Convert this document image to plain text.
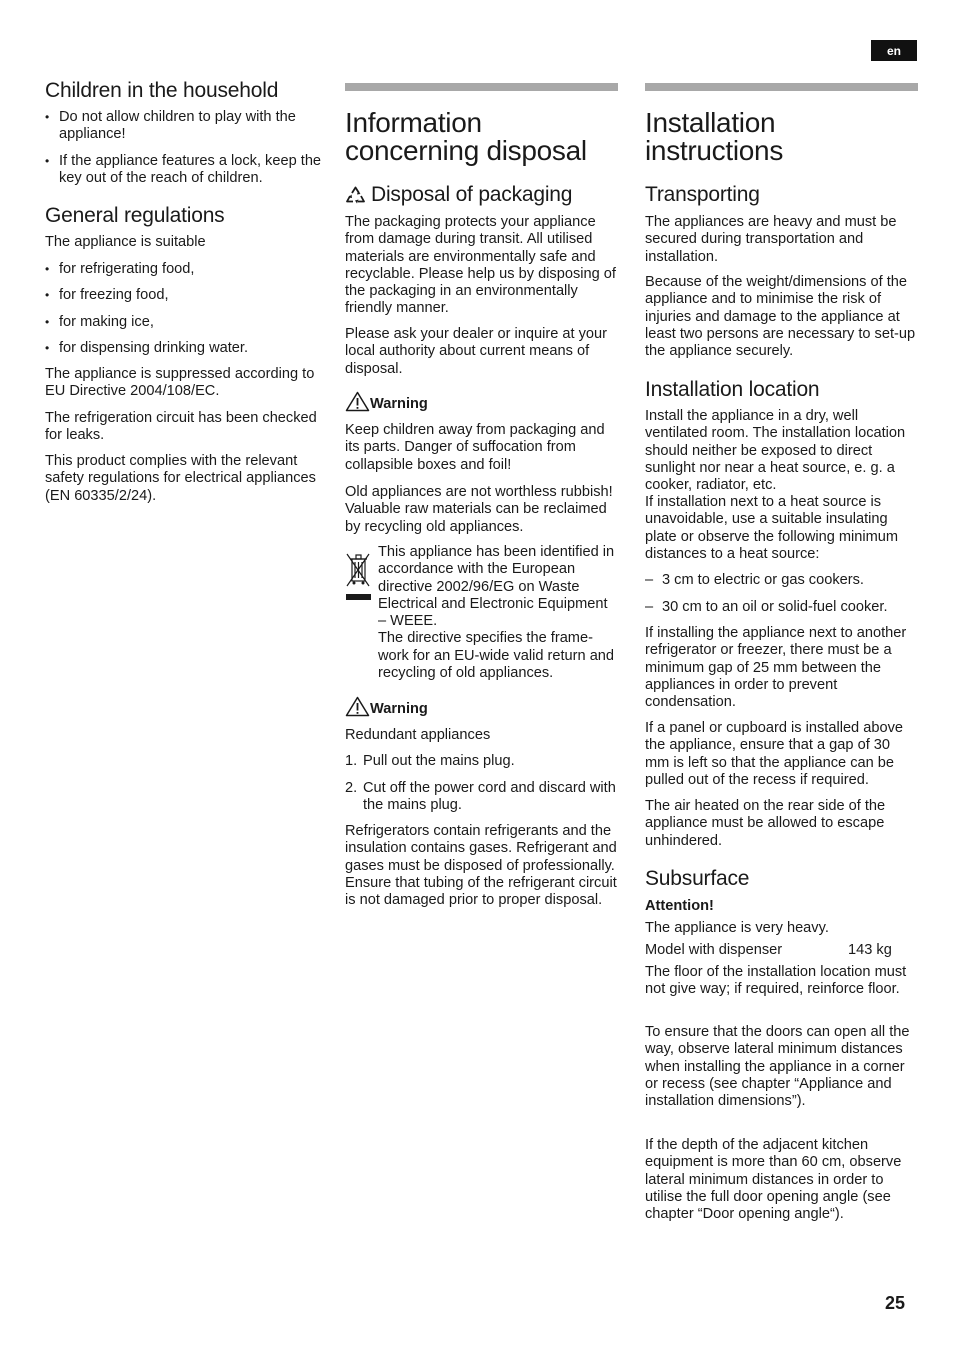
en
25
Children in the household

• Do not allow children to play with the appliance!

• If the appliance features a lock, keep the key out of the reach of children.

General regulations

The appliance is suitable

• for refrigerating food,

• for freezing food,

• for making ice,

• for dispensing drinking water.

The appliance is suppressed according to EU Directive 2004/108/EC.

The refrigeration circuit has been checked for leaks.

This product complies with the relevant safety regulations for electrical appliances (EN 60335/2/24).

Information
concerning disposal
Disposal of packaging

The packaging protects your appliance from damage during transit. All utilised materials are environmentally safe and recyclable. Please help us by disposing of the packaging in an environmentally friendly manner.

Please ask your dealer or inquire at your local authority about current means of disposal.

Warning

Keep children away from packaging and its parts. Danger of suffocation from collapsible boxes and foil!

Old appliances are not worthless rubbish! Valuable raw materials can be reclaimed by recycling old appliances.

This appliance has been identified in accordance with the European directive 2002/96/EG on Waste Electrical and Electronic Equipment – WEEE.

The directive specifies the frame-work for an EU-wide valid return and recycling of old appliances.

Warning

Redundant appliances

1. Pull out the mains plug.

2. Cut off the power cord and discard with the mains plug.

Refrigerators contain refrigerants and the insulation contains gases. Refrigerant and gases must be disposed of professionally. Ensure that tubing of the refrigerant circuit is not damaged prior to proper disposal.

Installation
instructions
Transporting

The appliances are heavy and must be secured during transportation and installation.

Because of the weight/dimensions of the appliance and to minimise the risk of injuries and damage to the appliance at least two persons are necessary to set-up the appliance securely.

Installation location

Install the appliance in a dry, well ventilated room. The installation location should neither be exposed to direct sunlight nor near a heat source, e. g. a cooker, radiator, etc.

If installation next to a heat source is unavoidable, use a suitable insulating plate or observe the following minimum distances to a heat source:

– 3 cm to electric or gas cookers.

– 30 cm to an oil or solid-fuel cooker.

If installing the appliance next to another refrigerator or freezer, there must be a minimum gap of 25 mm between the appliances in order to prevent condensation.

If a panel or cupboard is installed above the appliance, ensure that a gap of 30 mm is left so that the appliance can be pulled out of the recess if required.

The air heated on the rear side of the appliance must be allowed to escape unhindered.

Subsurface

Attention!

The appliance is very heavy.

Model with dispenser	143 kg

The floor of the installation location must not give way; if required, reinforce floor.

To ensure that the doors can open all the way, observe lateral minimum distances when installing the appliance in a corner or recess (see chapter “Appliance and installation dimensions”).

If the depth of the adjacent kitchen equipment is more than 60 cm, observe lateral minimum distances in order to utilise the full door opening angle (see chapter “Door opening angle“).
